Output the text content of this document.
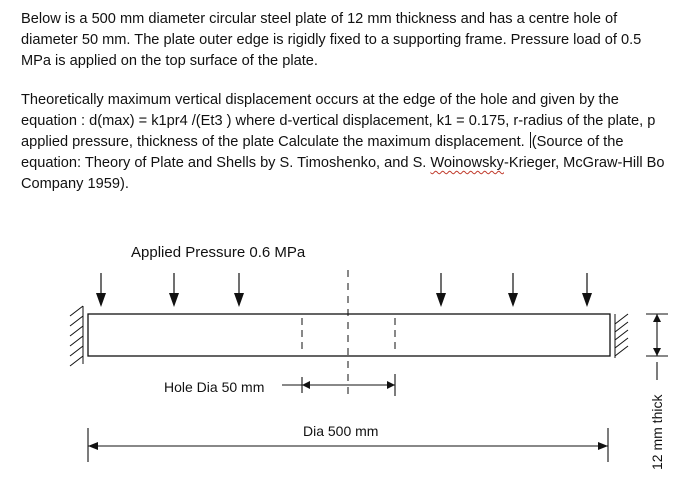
Below is a 500 mm diameter circular steel plate of 12 mm thickness and has a centre hole of
diameter 50 mm. The plate outer edge is rigidly fixed to a supporting frame. Pressure load of 0.5
MPa is applied on the top surface of the plate.
Theoretically maximum vertical displacement occurs at the edge of the hole and given by the
equation : d(max) = k1pr4 /(Et3 ) where d-vertical displacement, k1 = 0.175, r-radius of the plate, p
applied pressure, thickness of the plate Calculate the maximum displacement. (Source of the
equation: Theory of Plate and Shells by S. Timoshenko, and S. Woinowsky-Krieger, McGraw-Hill Bo
Company 1959).
Applied Pressure 0.6 MPa
Hole Dia 50 mm
Dia 500 mm	12 mm thick
